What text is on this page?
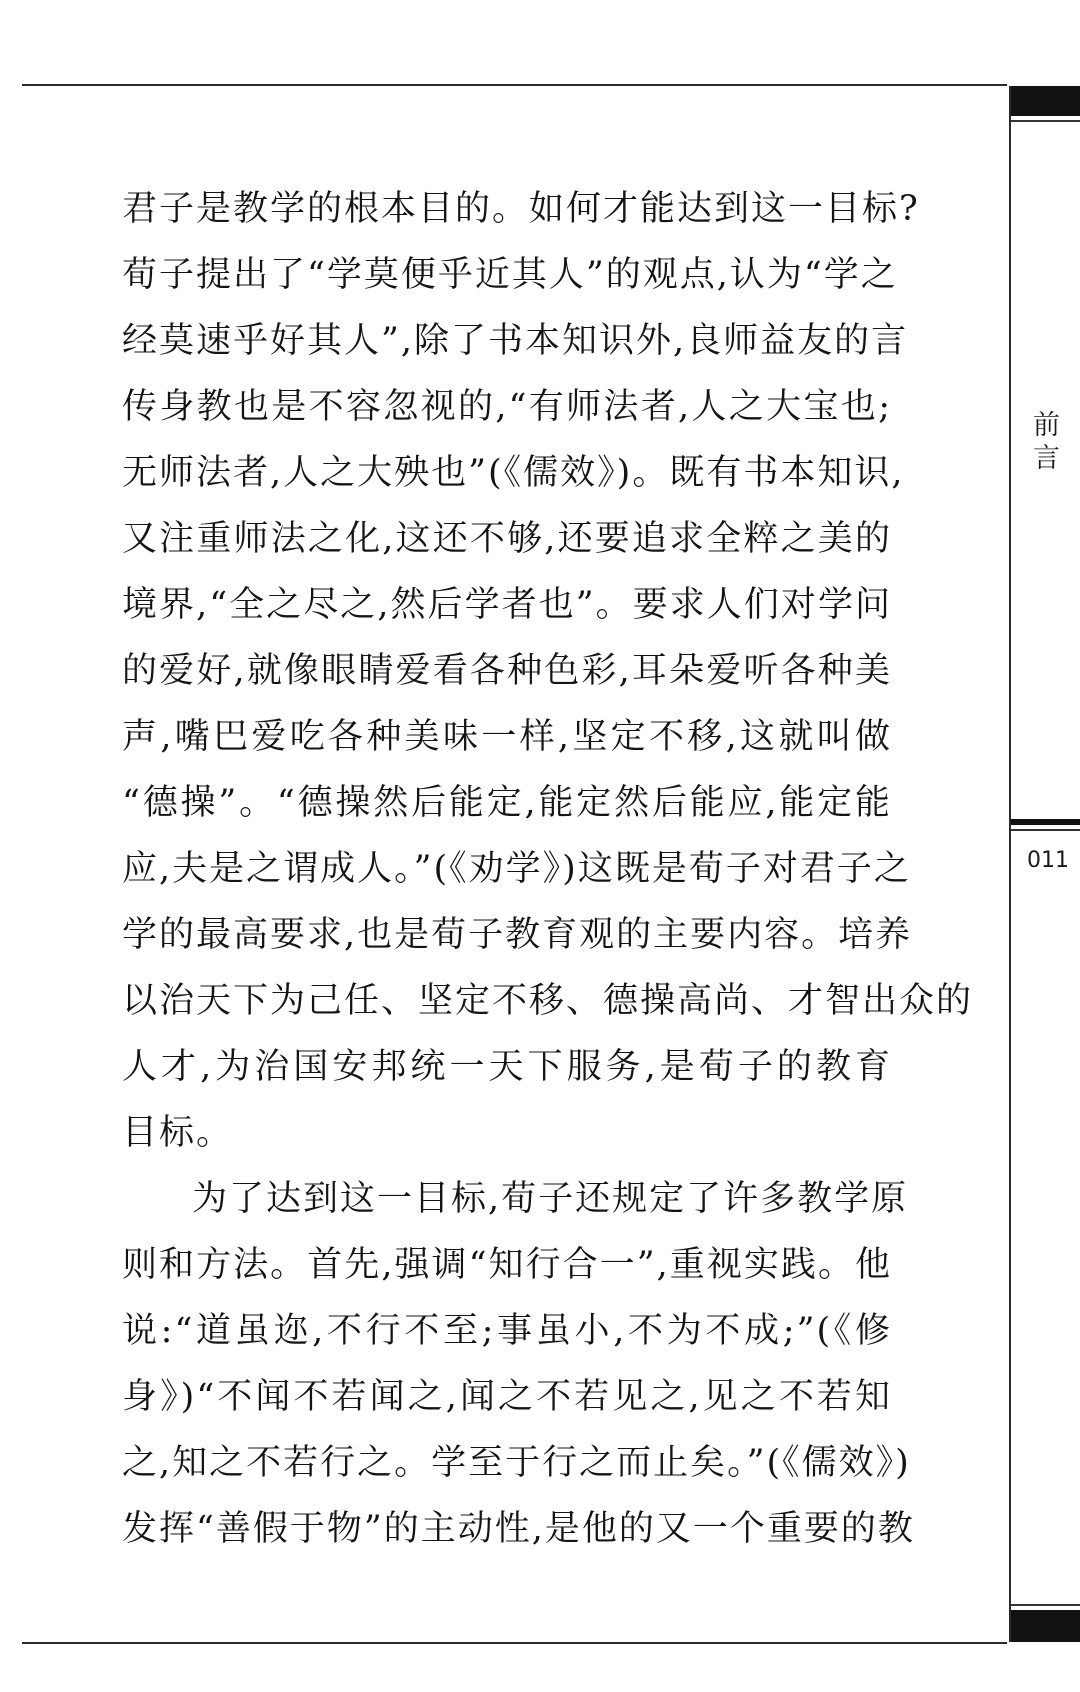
前言
011
君子是教学的根本目的。如何才能达到这一目标?
荀子提出了“学莫便乎近其人”的观点,认为“学之
经莫速乎好其人”,除了书本知识外,良师益友的言
传身教也是不容忽视的,“有师法者,人之大宝也;
无师法者,人之大殃也”(《儒效》)。既有书本知识,
又注重师法之化,这还不够,还要追求全粹之美的
境界,“全之尽之,然后学者也”。要求人们对学问
的爱好,就像眼睛爱看各种色彩,耳朵爱听各种美
声,嘴巴爱吃各种美味一样,坚定不移,这就叫做
“德操”。“德操然后能定,能定然后能应,能定能
应,夫是之谓成人。”(《劝学》)这既是荀子对君子之
学的最高要求,也是荀子教育观的主要内容。培养
以治天下为己任、坚定不移、德操高尚、才智出众的
人才,为治国安邦统一天下服务,是荀子的教育
目标。
为了达到这一目标,荀子还规定了许多教学原
则和方法。首先,强调“知行合一”,重视实践。他
说:“道虽迩,不行不至;事虽小,不为不成;”(《修
身》)“不闻不若闻之,闻之不若见之,见之不若知
之,知之不若行之。学至于行之而止矣。”(《儒效》)
发挥“善假于物”的主动性,是他的又一个重要的教
